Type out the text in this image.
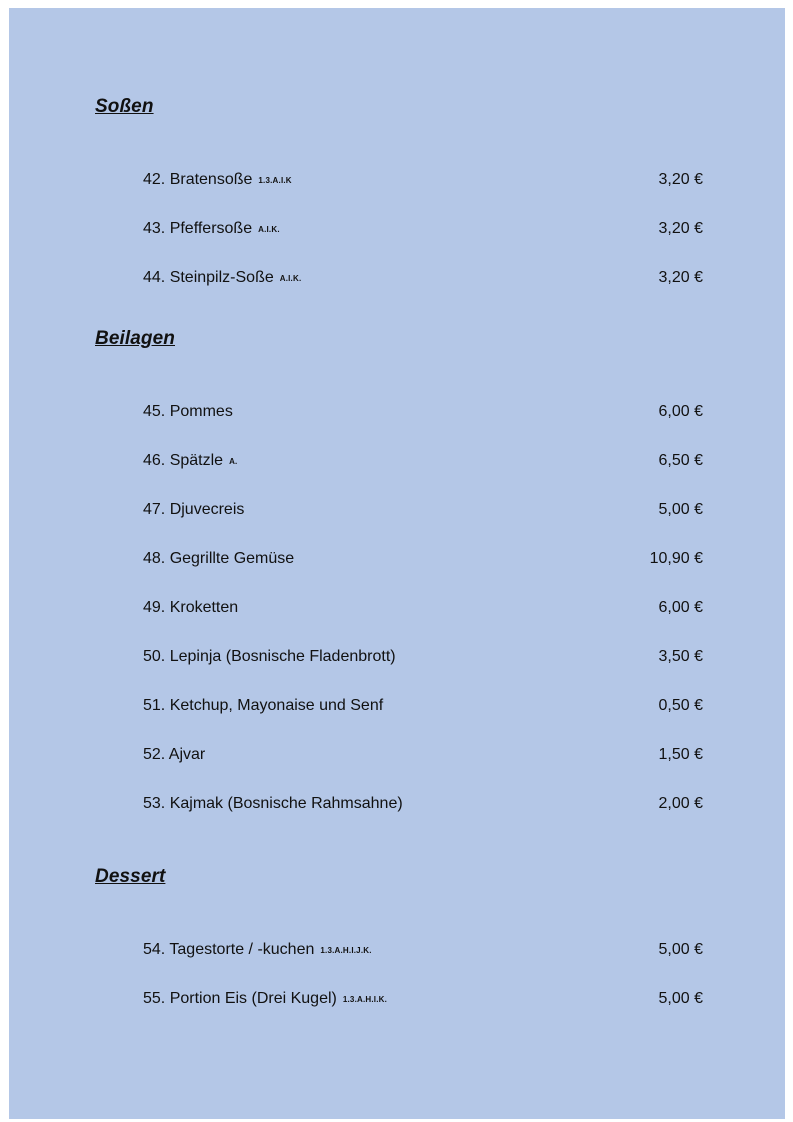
Soßen
42. Bratensoße 1.3.A.I.K	3,20 €
43. Pfeffersoße A.I.K.	3,20 €
44. Steinpilz-Soße A.I.K.	3,20 €
Beilagen
45. Pommes	6,00 €
46. Spätzle A.	6,50 €
47. Djuvecreis	5,00 €
48. Gegrillte Gemüse	10,90 €
49. Kroketten	6,00 €
50. Lepinja (Bosnische Fladenbrott)	3,50 €
51. Ketchup, Mayonaise und Senf	0,50 €
52. Ajvar	1,50 €
53. Kajmak (Bosnische Rahmsahne)	2,00 €
Dessert
54. Tagestorte / -kuchen 1.3.A.H.I.J.K.	5,00 €
55. Portion Eis (Drei Kugel) 1.3.A.H.I.K.	5,00 €
